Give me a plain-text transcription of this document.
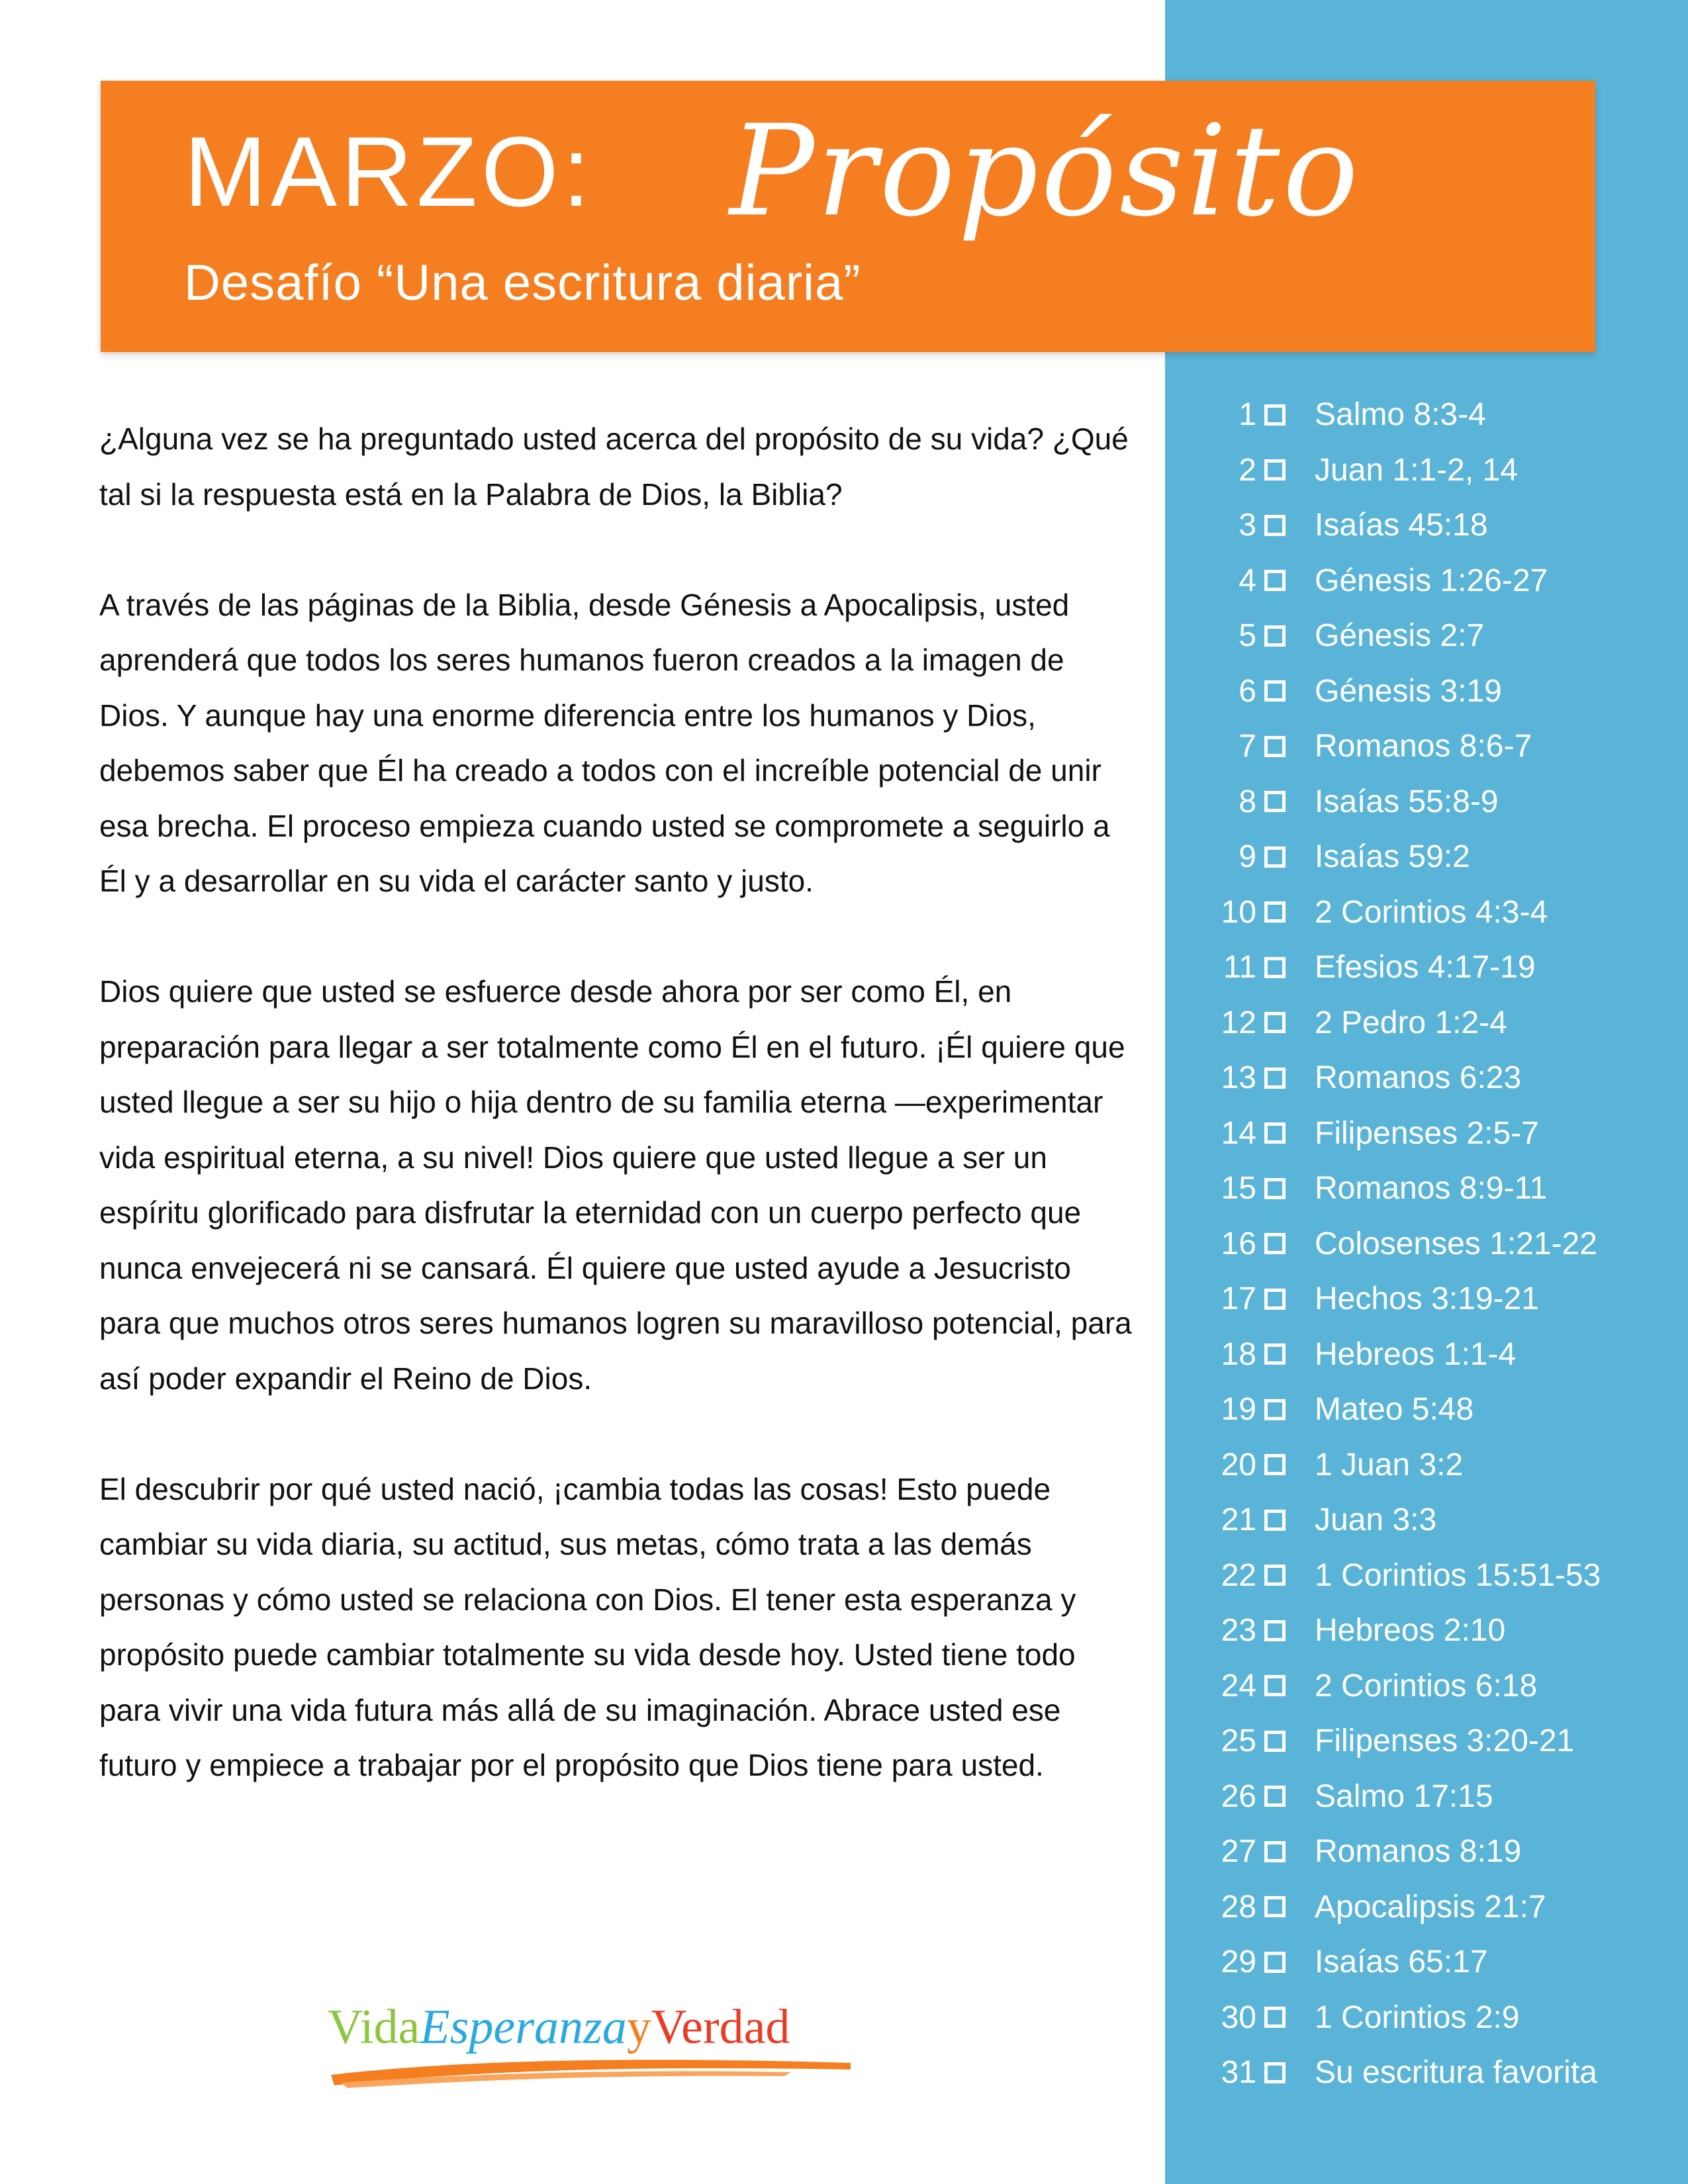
MARZO: Propósito
Desafío “Una escritura diaria”

¿Alguna vez se ha preguntado usted acerca del propósito de su vida? ¿Qué tal si la respuesta está en la Palabra de Dios, la Biblia?

A través de las páginas de la Biblia, desde Génesis a Apocalipsis, usted aprenderá que todos los seres humanos fueron creados a la imagen de Dios. Y aunque hay una enorme diferencia entre los humanos y Dios, debemos saber que Él ha creado a todos con el increíble potencial de unir esa brecha. El proceso empieza cuando usted se compromete a seguirlo a Él y a desarrollar en su vida el carácter santo y justo.

Dios quiere que usted se esfuerce desde ahora por ser como Él, en preparación para llegar a ser totalmente como Él en el futuro. ¡Él quiere que usted llegue a ser su hijo o hija dentro de su familia eterna —experimentar vida espiritual eterna, a su nivel! Dios quiere que usted llegue a ser un espíritu glorificado para disfrutar la eternidad con un cuerpo perfecto que nunca envejecerá ni se cansará. Él quiere que usted ayude a Jesucristo para que muchos otros seres humanos logren su maravilloso potencial, para así poder expandir el Reino de Dios.

El descubrir por qué usted nació, ¡cambia todas las cosas! Esto puede cambiar su vida diaria, su actitud, sus metas, cómo trata a las demás personas y cómo usted se relaciona con Dios. El tener esta esperanza y propósito puede cambiar totalmente su vida desde hoy. Usted tiene todo para vivir una vida futura más allá de su imaginación. Abrace usted ese futuro y empiece a trabajar por el propósito que Dios tiene para usted.

1 Salmo 8:3-4
2 Juan 1:1-2, 14
3 Isaías 45:18
4 Génesis 1:26-27
5 Génesis 2:7
6 Génesis 3:19
7 Romanos 8:6-7
8 Isaías 55:8-9
9 Isaías 59:2
10 2 Corintios 4:3-4
11 Efesios 4:17-19
12 2 Pedro 1:2-4
13 Romanos 6:23
14 Filipenses 2:5-7
15 Romanos 8:9-11
16 Colosenses 1:21-22
17 Hechos 3:19-21
18 Hebreos 1:1-4
19 Mateo 5:48
20 1 Juan 3:2
21 Juan 3:3
22 1 Corintios 15:51-53
23 Hebreos 2:10
24 2 Corintios 6:18
25 Filipenses 3:20-21
26 Salmo 17:15
27 Romanos 8:19
28 Apocalipsis 21:7
29 Isaías 65:17
30 1 Corintios 2:9
31 Su escritura favorita
VidaEsperanzayVerdad
